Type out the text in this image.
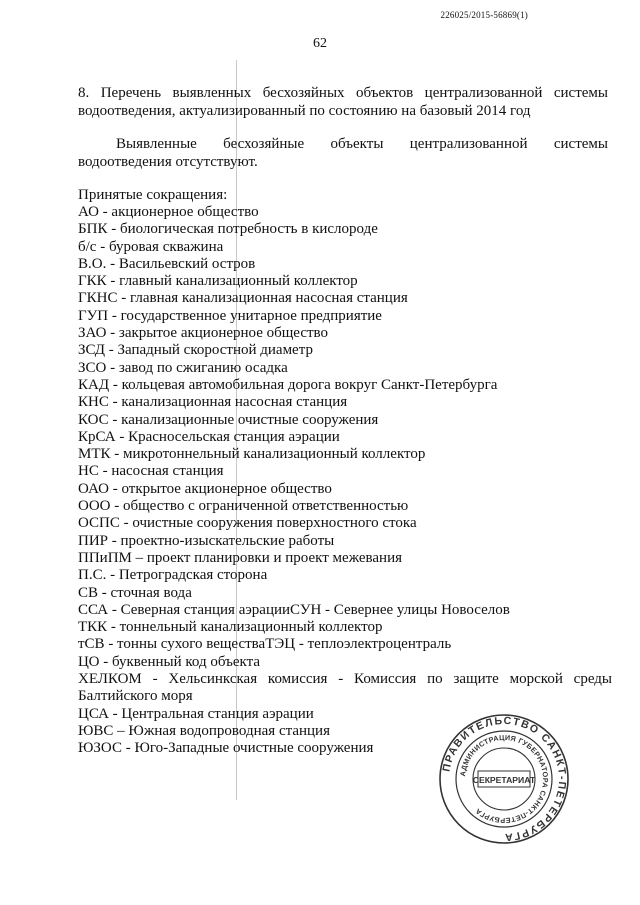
226025/2015-56869(1)
62
8. Перечень выявленных бесхозяйных объектов централизованной системы водоотведения, актуализированный по состоянию на базовый 2014 год
Выявленные бесхозяйные объекты централизованной системы водоотведения отсутствуют.
Принятые сокращения:
АО - акционерное общество
БПК - биологическая потребность в кислороде
б/с - буровая скважина
В.О. - Васильевский остров
ГКК - главный канализационный коллектор
ГКНС - главная канализационная насосная станция
ГУП - государственное унитарное предприятие
ЗАО - закрытое акционерное общество
ЗСД - Западный скоростной диаметр
ЗСО - завод по сжиганию осадка
КАД - кольцевая автомобильная дорога вокруг Санкт-Петербурга
КНС - канализационная насосная станция
КОС - канализационные очистные сооружения
КрСА - Красносельская станция аэрации
МТК - микротоннельный канализационный коллектор
НС - насосная станция
ОАО - открытое акционерное общество
ООО - общество с ограниченной ответственностью
ОСПС - очистные сооружения поверхностного стока
ПИР - проектно-изыскательские работы
ППиПМ – проект планировки и проект межевания
П.С. - Петроградская сторона
СВ - сточная вода
ССА - Северная станция аэрацииСУН - Севернее улицы Новоселов
ТКК - тоннельный канализационный коллектор
тСВ - тонны сухого веществаТЭЦ - теплоэлектроцентраль
ЦО - буквенный код объекта
ХЕЛКОМ - Хельсинкская комиссия - Комиссия по защите морской среды Балтийского моря
ЦСА - Центральная станция аэрации
ЮВС – Южная водопроводная станция
ЮЗОС - Юго-Западные очистные сооружения
ПРАВИТЕЛЬСТВО САНКТ-ПЕТЕРБУРГА
АДМИНИСТРАЦИЯ ГУБЕРНАТОРА САНКТ-ПЕТЕРБУРГА
СЕКРЕТАРИАТ
